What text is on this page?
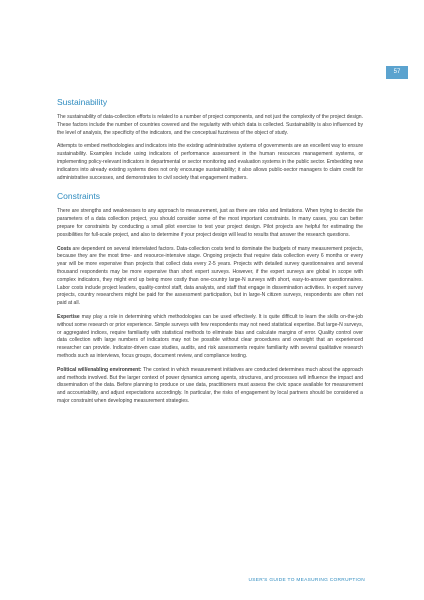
57
Sustainability

The sustainability of data-collection efforts is related to a number of project components, and not just the complexity of the project design. These factors include the number of countries covered and the regularity with which data is collected. Sustainability is also influenced by the level of analysis, the specificity of the indicators, and the conceptual fuzziness of the object of study.

Attempts to embed methodologies and indicators into the existing administrative systems of governments are an excellent way to ensure sustainability. Examples include using indicators of performance assessment in the human resources management systems, or implementing policy-relevant indicators in departmental or sector monitoring and evaluation systems in the public sector. Embedding new indicators into already existing systems does not only encourage sustainability; it also allows public-sector managers to claim credit for administrative successes, and demonstrates to civil society that engagement matters.

Constraints

There are strengths and weaknesses to any approach to measurement, just as there are risks and limitations. When trying to decide the parameters of a data collection project, you should consider some of the most important constraints. In many cases, you can better prepare for constraints by conducting a small pilot exercise to test your project design. Pilot projects are helpful for estimating the possibilities for full-scale project, and also to determine if your project design will lead to results that answer the research questions.

Costs are dependent on several interrelated factors. Data-collection costs tend to dominate the budgets of many measurement projects, because they are the most time- and resource-intensive stage. Ongoing projects that require data collection every 6 months or every year will be more expensive than projects that collect data every 2-5 years. Projects with detailed survey questionnaires and several thousand respondents may be more expensive than short expert surveys. However, if the expert surveys are global in scope with complex indicators, they might end up being more costly than one-country large-N surveys with short, easy-to-answer questionnaires. Labor costs include project leaders, quality-control staff, data analysts, and staff that engage in dissemination activities. In expert survey projects, country researchers might be paid for the assessment participation, but in large-N citizen surveys, respondents are often not paid at all.

Expertise may play a role in determining which methodologies can be used effectively. It is quite difficult to learn the skills on-the-job without some research or prior experience. Simple surveys with few respondents may not need statistical expertise. But large-N surveys, or aggregated indices, require familiarity with statistical methods to eliminate bias and calculate margins of error. Quality control over data collection with large numbers of indicators may not be possible without clear procedures and oversight that an experienced researcher can provide. Indicator-driven case studies, audits, and risk assessments require familiarity with several qualitative research methods such as interviews, focus groups, document review, and compliance testing.

Political will/enabling environment: The context in which measurement initiatives are conducted determines much about the approach and methods involved. But the larger context of power dynamics among agents, structures, and processes will influence the impact and dissemination of the data. Before planning to produce or use data, practitioners must assess the civic space available for measurement and accountability, and adjust expectations accordingly. In particular, the risks of engagement by local partners should be considered a major constraint when developing measurement strategies.

USER'S GUIDE TO MEASURING CORRUPTION
